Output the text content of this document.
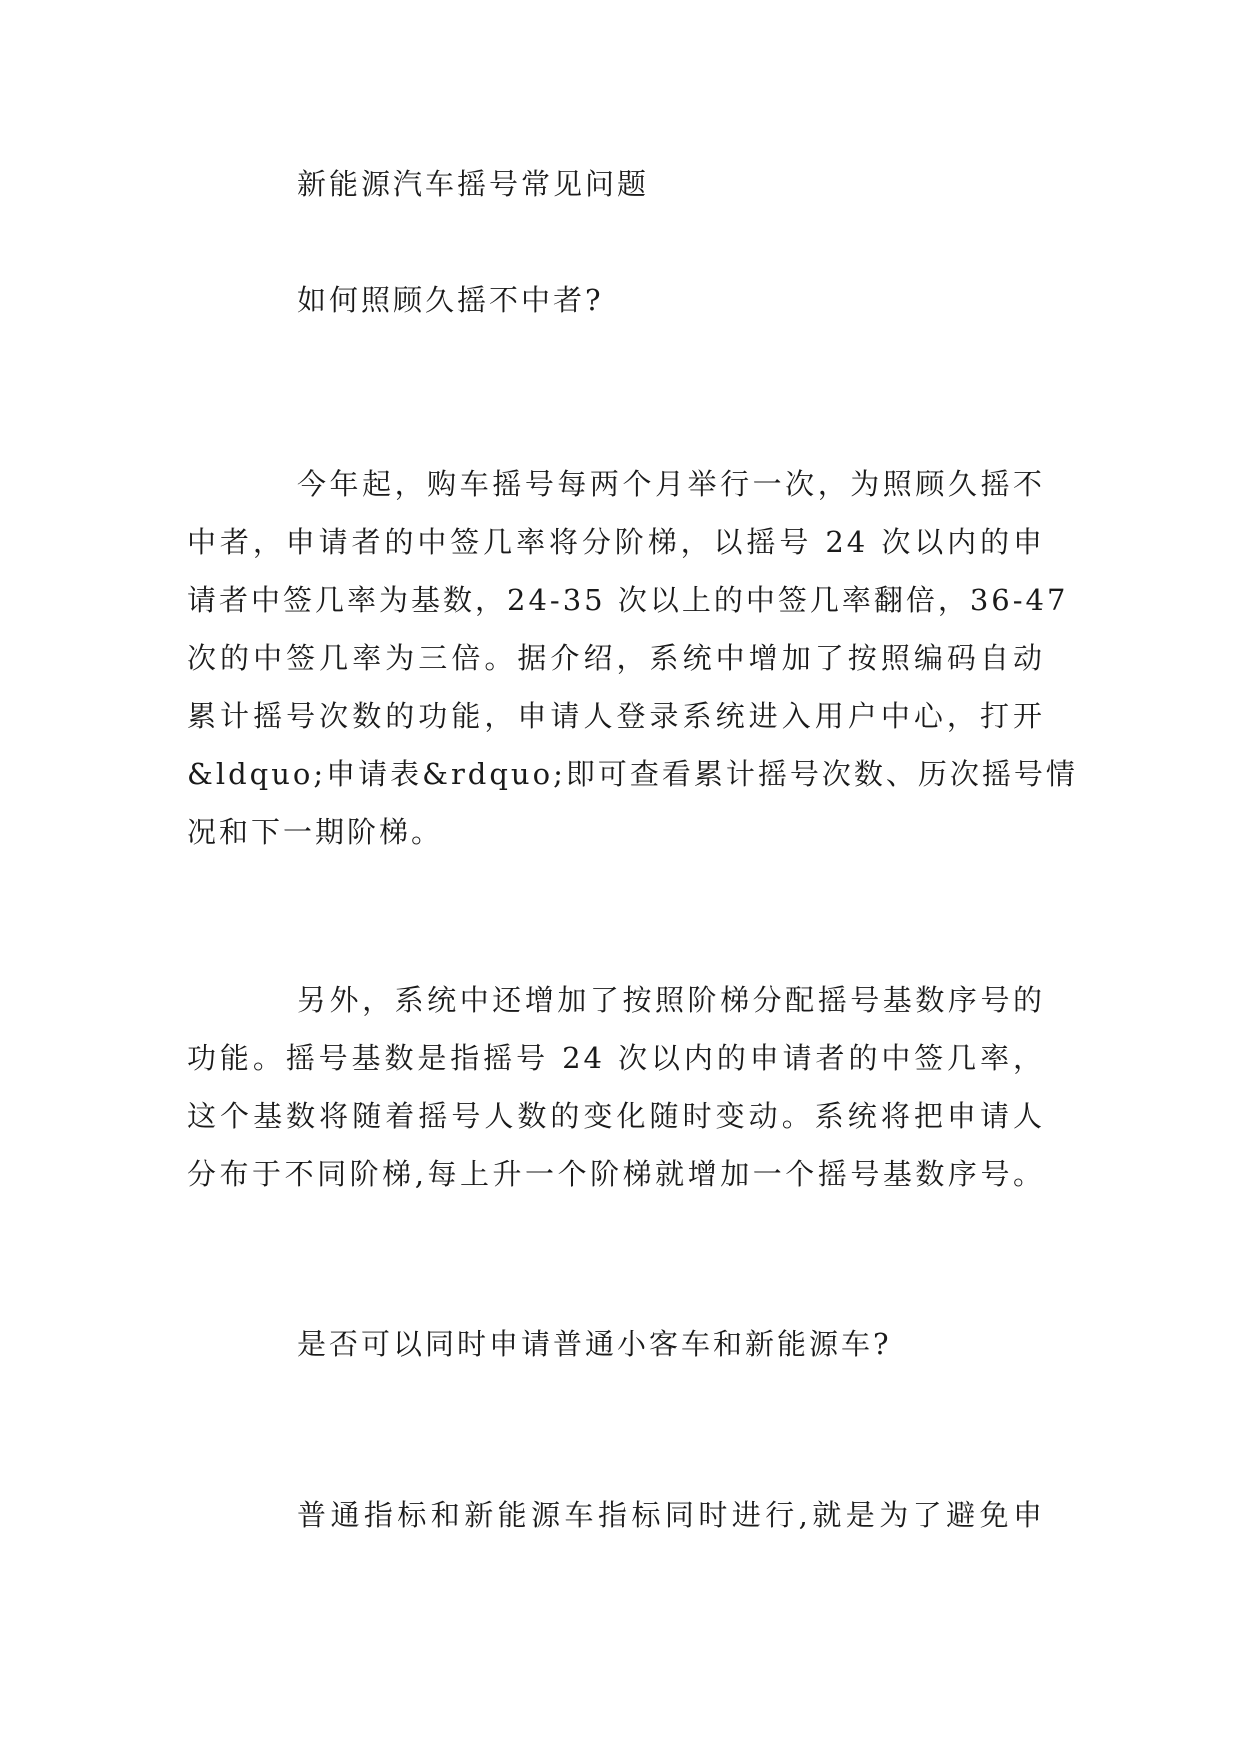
新能源汽车摇号常见问题
如何照顾久摇不中者?
今年起，购车摇号每两个月举行一次，为照顾久摇不
中者，申请者的中签几率将分阶梯，以摇号 24 次以内的申
请者中签几率为基数，24-35 次以上的中签几率翻倍，36-47
次的中签几率为三倍。据介绍，系统中增加了按照编码自动
累计摇号次数的功能，申请人登录系统进入用户中心，打开
&ldquo;申请表&rdquo;即可查看累计摇号次数、历次摇号情
况和下一期阶梯。
另外，系统中还增加了按照阶梯分配摇号基数序号的
功能。摇号基数是指摇号 24 次以内的申请者的中签几率，
这个基数将随着摇号人数的变化随时变动。系统将把申请人
分布于不同阶梯,每上升一个阶梯就增加一个摇号基数序号。
是否可以同时申请普通小客车和新能源车?
普通指标和新能源车指标同时进行,就是为了避免申
